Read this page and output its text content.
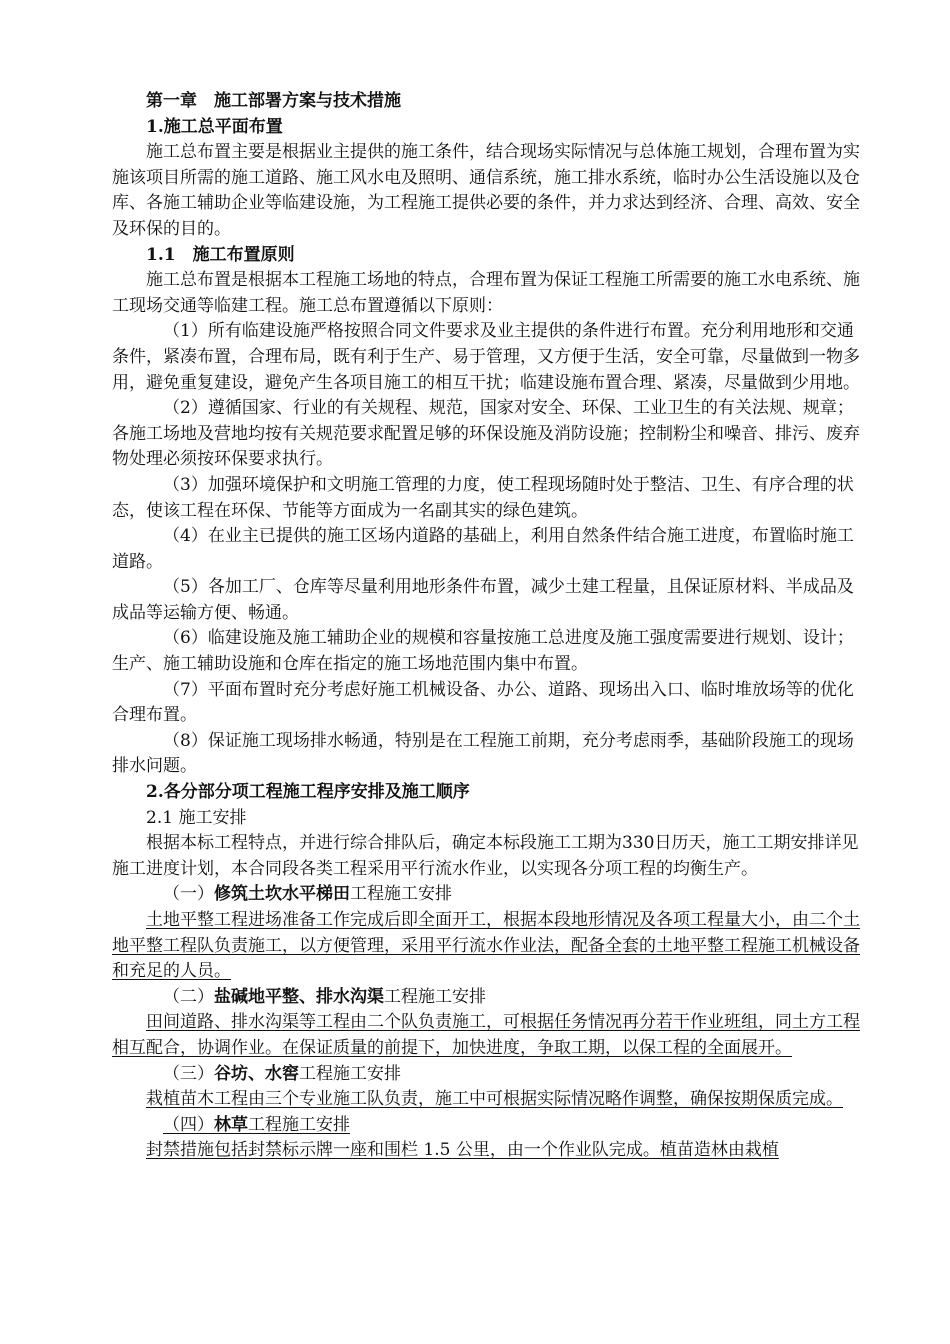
第一章　施工部署方案与技术措施

1.施工总平面布置

施工总布置主要是根据业主提供的施工条件，结合现场实际情况与总体施工规划，合理布置为实施该项目所需的施工道路、施工风水电及照明、通信系统，施工排水系统，临时办公生活设施以及仓库、各施工辅助企业等临建设施，为工程施工提供必要的条件，并力求达到经济、合理、高效、安全及环保的目的。

1.1　施工布置原则

施工总布置是根据本工程施工场地的特点，合理布置为保证工程施工所需要的施工水电系统、施工现场交通等临建工程。施工总布置遵循以下原则：

（1）所有临建设施严格按照合同文件要求及业主提供的条件进行布置。充分利用地形和交通条件，紧凑布置，合理布局，既有利于生产、易于管理，又方便于生活，安全可靠，尽量做到一物多用，避免重复建设，避免产生各项目施工的相互干扰；临建设施布置合理、紧凑，尽量做到少用地。

（2）遵循国家、行业的有关规程、规范，国家对安全、环保、工业卫生的有关法规、规章；各施工场地及营地均按有关规范要求配置足够的环保设施及消防设施；控制粉尘和噪音、排污、废弃物处理必须按环保要求执行。

（3）加强环境保护和文明施工管理的力度，使工程现场随时处于整洁、卫生、有序合理的状态，使该工程在环保、节能等方面成为一名副其实的绿色建筑。

（4）在业主已提供的施工区场内道路的基础上，利用自然条件结合施工进度，布置临时施工道路。

（5）各加工厂、仓库等尽量利用地形条件布置，减少土建工程量，且保证原材料、半成品及成品等运输方便、畅通。

（6）临建设施及施工辅助企业的规模和容量按施工总进度及施工强度需要进行规划、设计；生产、施工辅助设施和仓库在指定的施工场地范围内集中布置。

（7）平面布置时充分考虑好施工机械设备、办公、道路、现场出入口、临时堆放场等的优化合理布置。

（8）保证施工现场排水畅通，特别是在工程施工前期，充分考虑雨季，基础阶段施工的现场排水问题。

2.各分部分项工程施工程序安排及施工顺序

2.1 施工安排

根据本标工程特点，并进行综合排队后，确定本标段施工工期为330日历天，施工工期安排详见施工进度计划，本合同段各类工程采用平行流水作业，以实现各分项工程的均衡生产。

（一）修筑土坎水平梯田工程施工安排

土地平整工程进场准备工作完成后即全面开工，根据本段地形情况及各项工程量大小，由二个土地平整工程队负责施工，以方便管理，采用平行流水作业法，配备全套的土地平整工程施工机械设备和充足的人员。

（二）盐碱地平整、排水沟渠工程施工安排

田间道路、排水沟渠等工程由二个队负责施工，可根据任务情况再分若干作业班组，同土方工程相互配合，协调作业。在保证质量的前提下，加快进度，争取工期，以保工程的全面展开。

（三）谷坊、水窖工程施工安排

栽植苗木工程由三个专业施工队负责，施工中可根据实际情况略作调整，确保按期保质完成。

（四）林草工程施工安排

封禁措施包括封禁标示牌一座和围栏 1.5 公里，由一个作业队完成。植苗造林由栽植
